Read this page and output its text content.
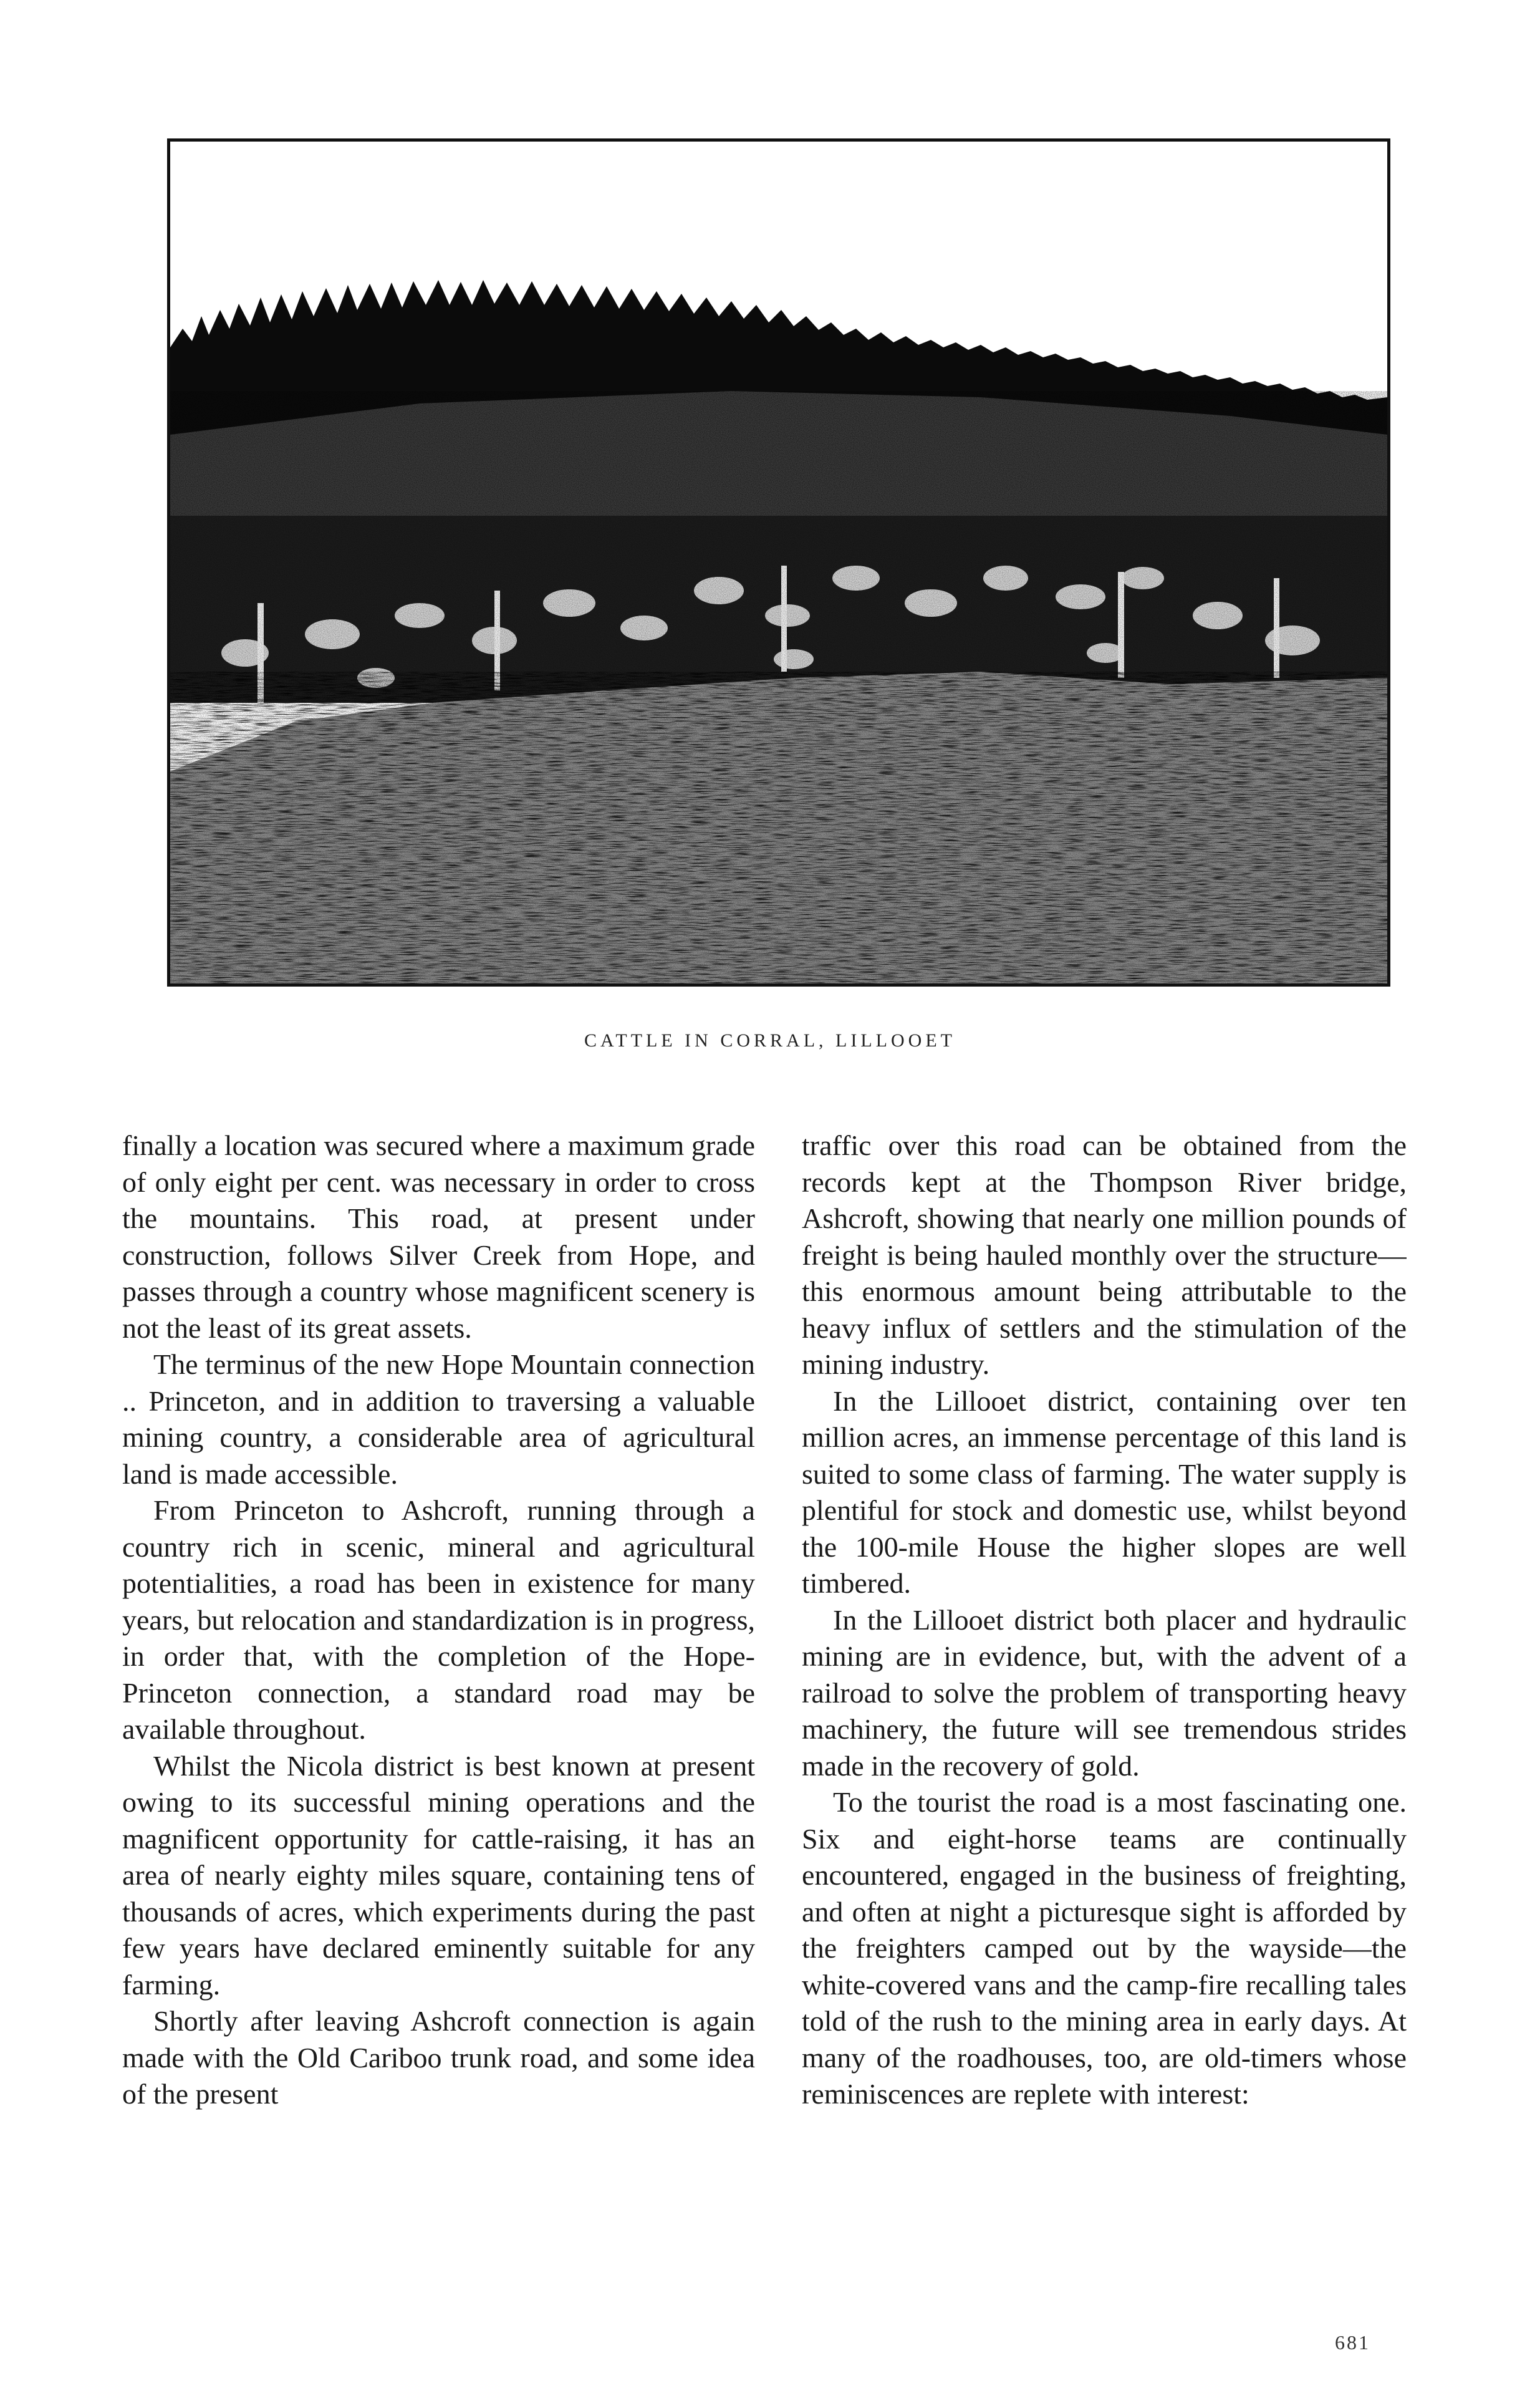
CATTLE IN CORRAL, LILLOOET

finally a location was secured where a maximum grade of only eight per cent. was necessary in order to cross the mountains. This road, at present under construction, follows Silver Creek from Hope, and passes through a country whose magnificent scenery is not the least of its great assets.

The terminus of the new Hope Mountain connection .. Princeton, and in addition to traversing a valuable mining country, a considerable area of agricultural land is made accessible.

From Princeton to Ashcroft, running through a country rich in scenic, mineral and agricultural potentialities, a road has been in existence for many years, but relocation and standardization is in progress, in order that, with the completion of the Hope-Princeton connection, a standard road may be available throughout.

Whilst the Nicola district is best known at present owing to its successful mining operations and the magnificent opportunity for cattle-raising, it has an area of nearly eighty miles square, containing tens of thousands of acres, which experiments during the past few years have declared eminently suitable for any farming.

Shortly after leaving Ashcroft connection is again made with the Old Cariboo trunk road, and some idea of the present

traffic over this road can be obtained from the records kept at the Thompson River bridge, Ashcroft, showing that nearly one million pounds of freight is being hauled monthly over the structure—this enormous amount being attributable to the heavy influx of settlers and the stimulation of the mining industry.

In the Lillooet district, containing over ten million acres, an immense percentage of this land is suited to some class of farming. The water supply is plentiful for stock and domestic use, whilst beyond the 100-mile House the higher slopes are well timbered.

In the Lillooet district both placer and hydraulic mining are in evidence, but, with the advent of a railroad to solve the problem of transporting heavy machinery, the future will see tremendous strides made in the recovery of gold.

To the tourist the road is a most fascinating one. Six and eight-horse teams are continually encountered, engaged in the business of freighting, and often at night a picturesque sight is afforded by the freighters camped out by the wayside—the white-covered vans and the camp-fire recalling tales told of the rush to the mining area in early days. At many of the roadhouses, too, are old-timers whose reminiscences are replete with interest:

681
